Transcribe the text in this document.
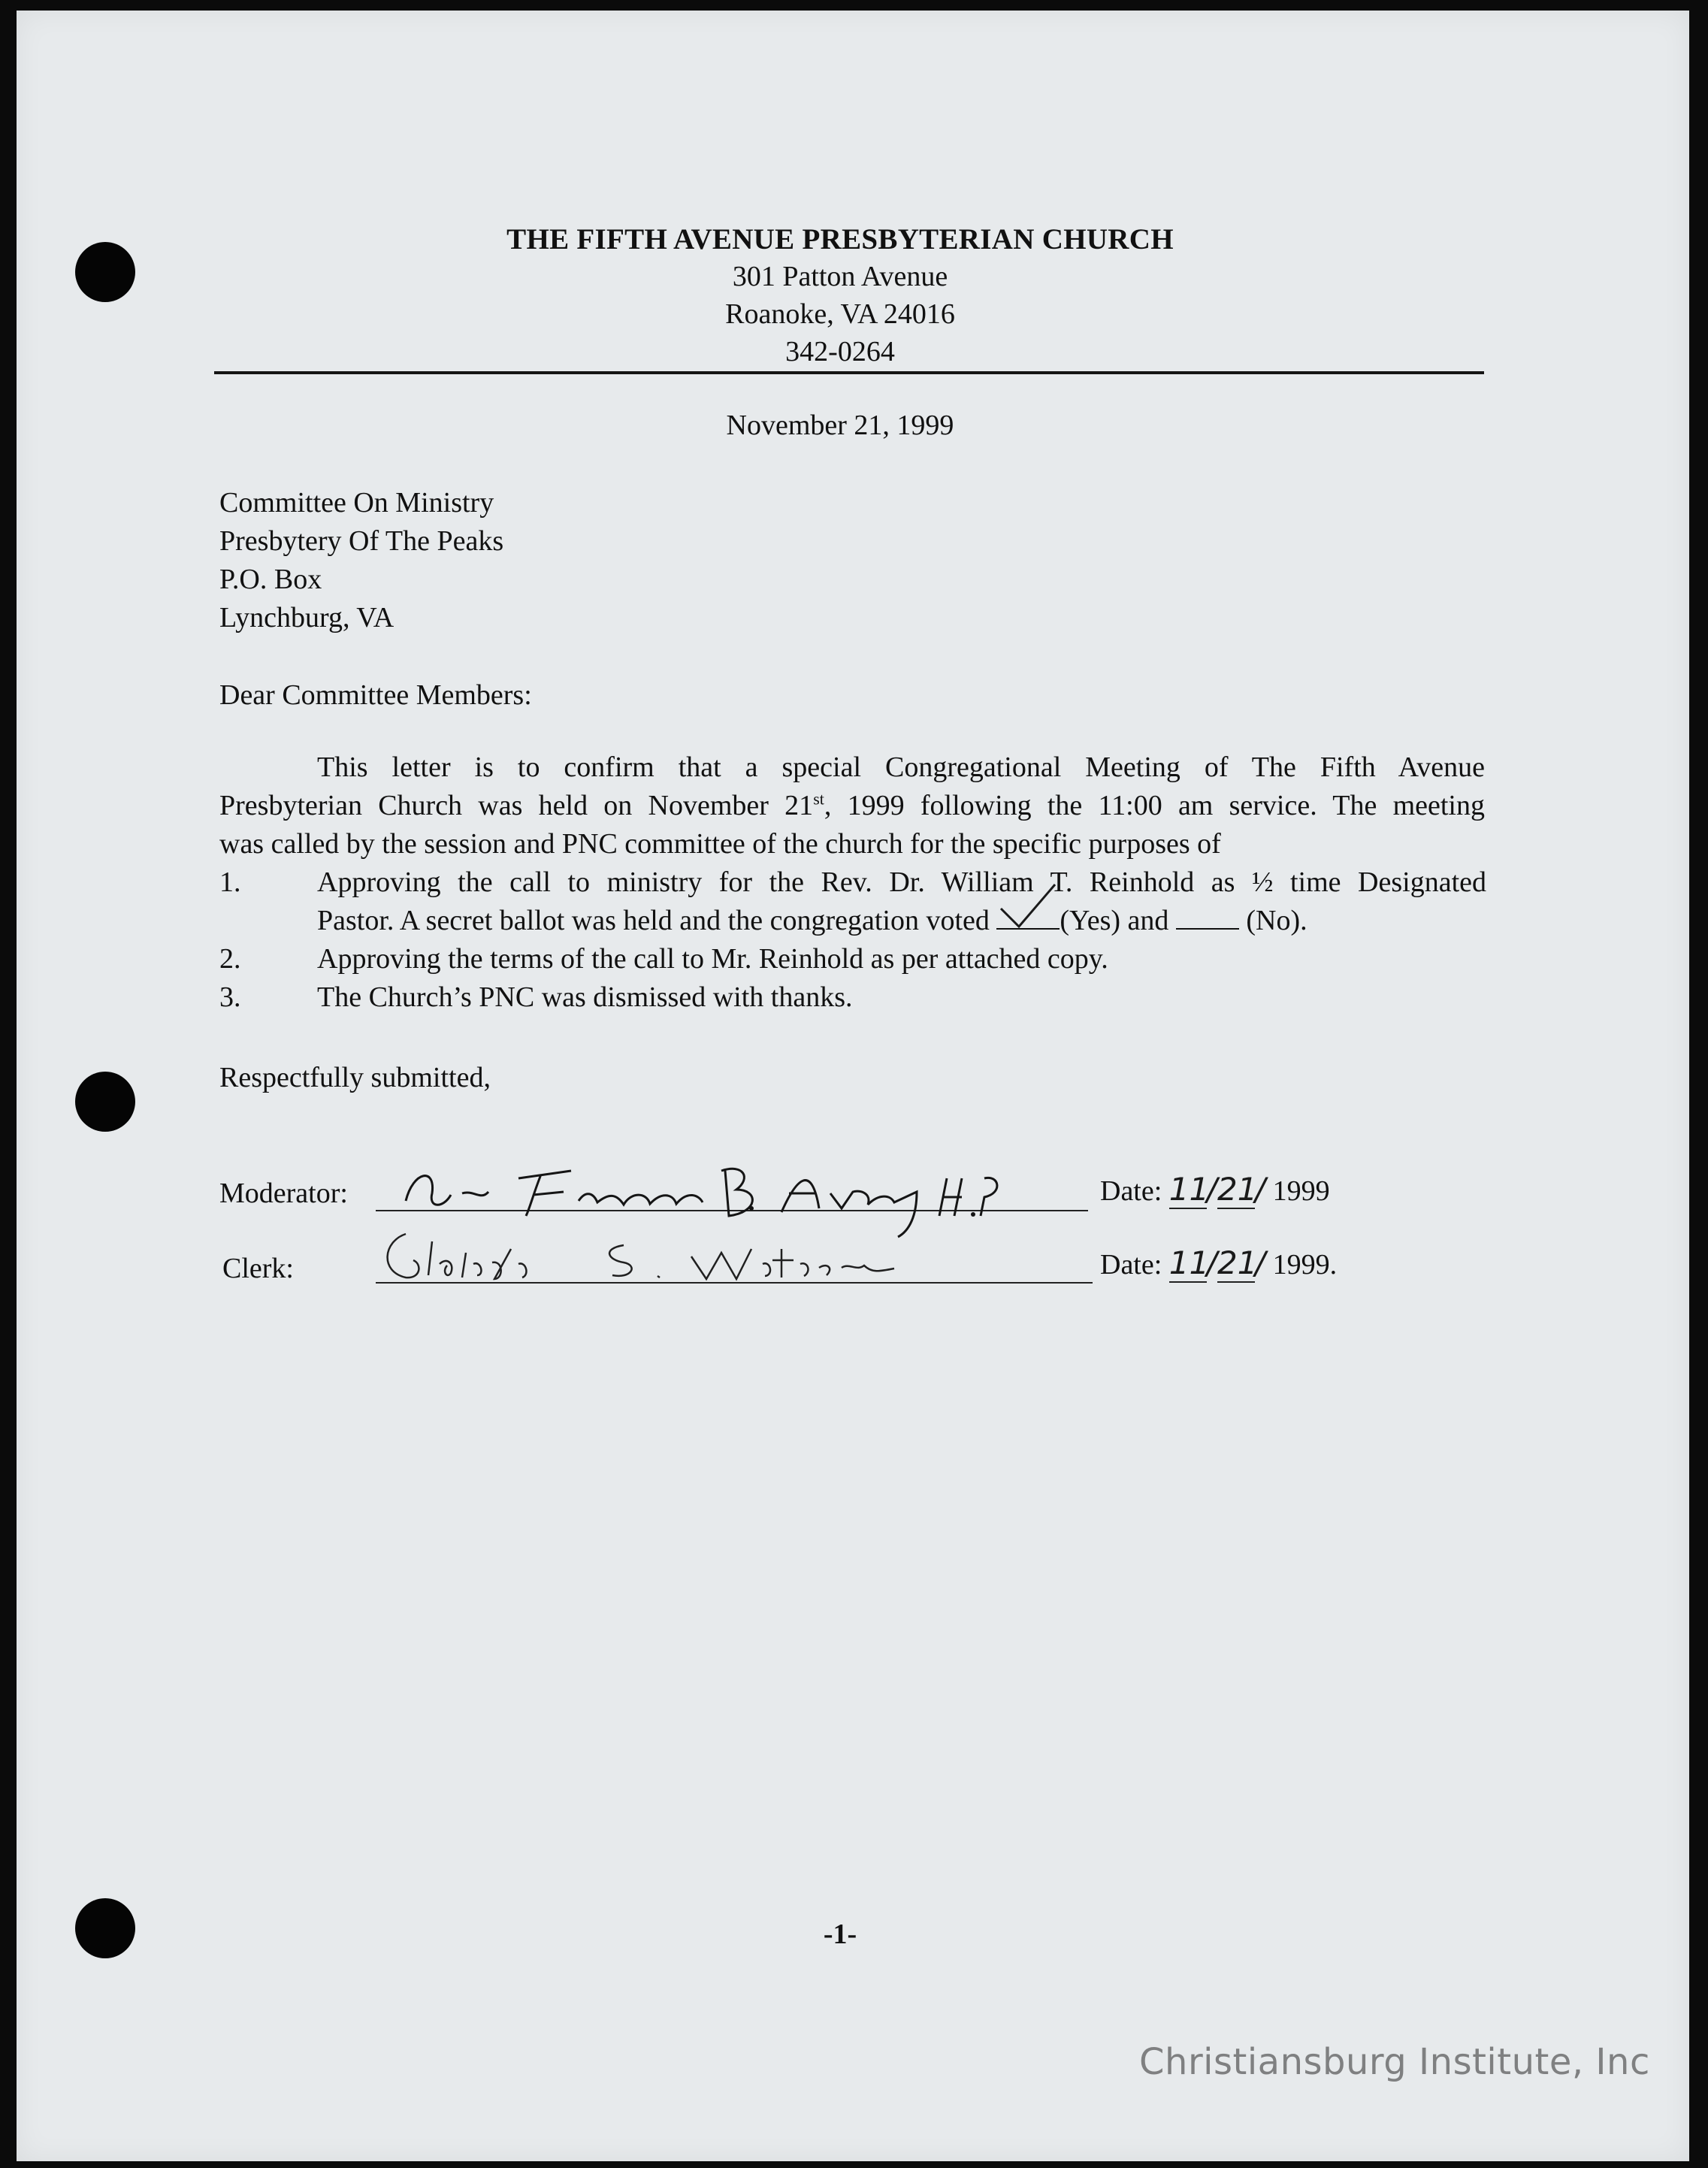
THE FIFTH AVENUE PRESBYTERIAN CHURCH
301 Patton Avenue
Roanoke, VA 24016
342-0264
November 21, 1999
Committee On Ministry
Presbytery Of The Peaks
P.O. Box
Lynchburg, VA
Dear Committee Members:
This letter is to confirm that a special Congregational Meeting of The Fifth Avenue
Presbyterian Church was held on November 21st, 1999 following the 11:00 am service. The meeting
was called by the session and PNC committee of the church for the specific purposes of
1.	Approving the call to ministry for the Rev. Dr. William T. Reinhold as ½ time Designated
Pastor. A secret ballot was held and the congregation voted
(Yes) and  (No).
2.	Approving the terms of the call to Mr. Reinhold as per attached copy.
3.	The Church’s PNC was dismissed with thanks.
Respectfully submitted,
Moderator:	Date: 11/21/ 1999
Clerk:	Date: 11/21/ 1999.
-1-
Christiansburg Institute, Inc
